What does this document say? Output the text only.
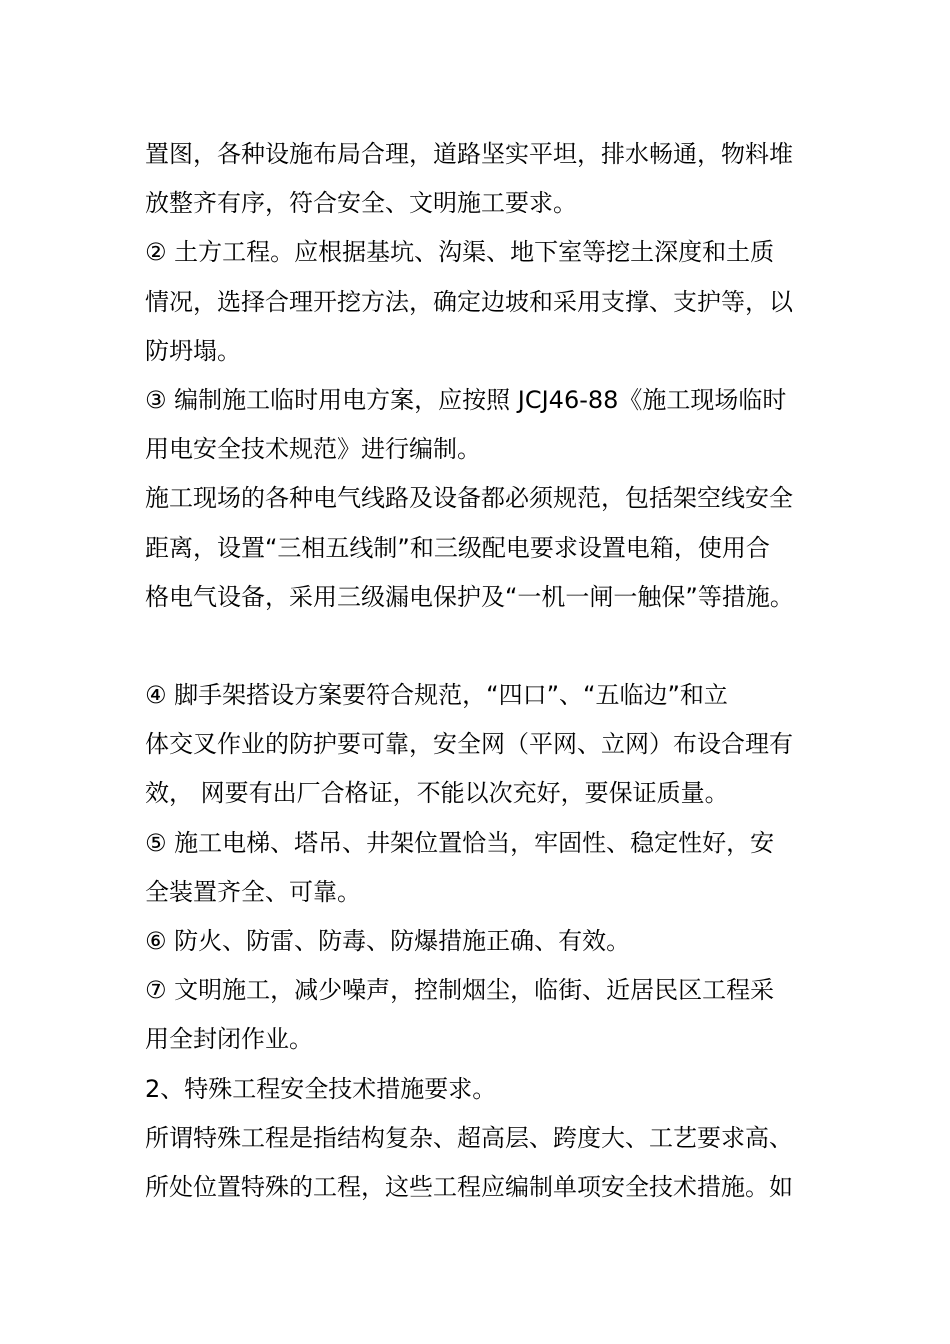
置图，各种设施布局合理，道路坚实平坦，排水畅通，物料堆
放整齐有序，符合安全、文明施工要求。
② 土方工程。应根据基坑、沟渠、地下室等挖土深度和土质
情况，选择合理开挖方法，确定边坡和采用支撑、支护等，以
防坍塌。
③ 编制施工临时用电方案，应按照 JCJ46-88《施工现场临时
用电安全技术规范》进行编制。
施工现场的各种电气线路及设备都必须规范，包括架空线安全
距离，设置“三相五线制”和三级配电要求设置电箱，使用合
格电气设备，采用三级漏电保护及“一机一闸一触保”等措施。
④ 脚手架搭设方案要符合规范，“四口”、“五临边”和立
体交叉作业的防护要可靠，安全网（平网、立网）布设合理有
效， 网要有出厂合格证，不能以次充好，要保证质量。
⑤ 施工电梯、塔吊、井架位置恰当，牢固性、稳定性好，安
全装置齐全、可靠。
⑥ 防火、防雷、防毒、防爆措施正确、有效。
⑦ 文明施工，减少噪声，控制烟尘，临街、近居民区工程采
用全封闭作业。
2、特殊工程安全技术措施要求。
所谓特殊工程是指结构复杂、超高层、跨度大、工艺要求高、
所处位置特殊的工程，这些工程应编制单项安全技术措施。如
